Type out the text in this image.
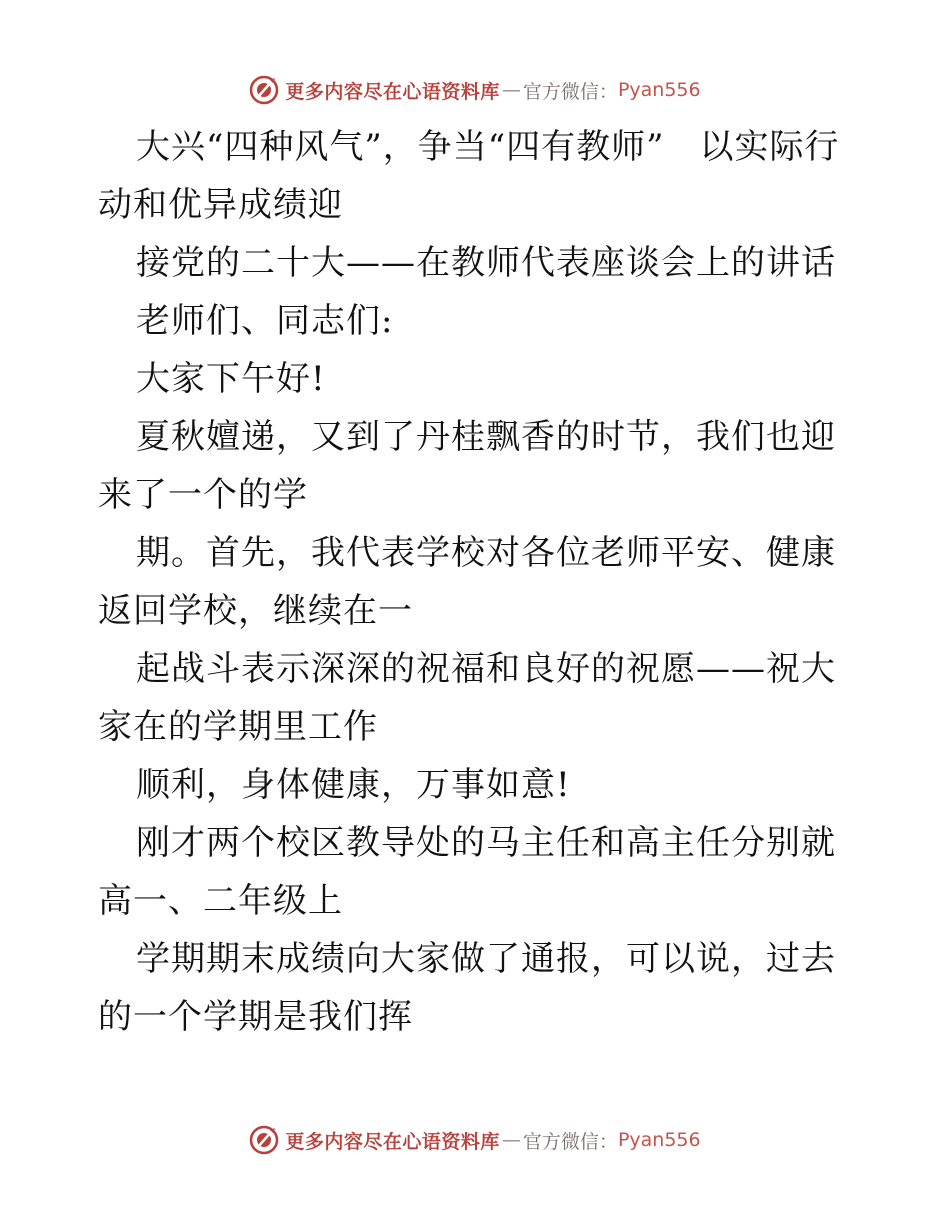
更多内容尽在心语资料库 — 官方微信： Pyan556

大兴“四种风气”，争当“四有教师”　以实际行动和优异成绩迎

接党的二十大——在教师代表座谈会上的讲话

老师们、同志们:

大家下午好!

夏秋嬗递，又到了丹桂飘香的时节，我们也迎来了一个的学

期。首先，我代表学校对各位老师平安、健康返回学校，继续在一

起战斗表示深深的祝福和良好的祝愿——祝大家在的学期里工作

顺利，身体健康，万事如意!

刚才两个校区教导处的马主任和高主任分别就高一、二年级上

学期期末成绩向大家做了通报，可以说，过去的一个学期是我们挥

更多内容尽在心语资料库 — 官方微信： Pyan556
